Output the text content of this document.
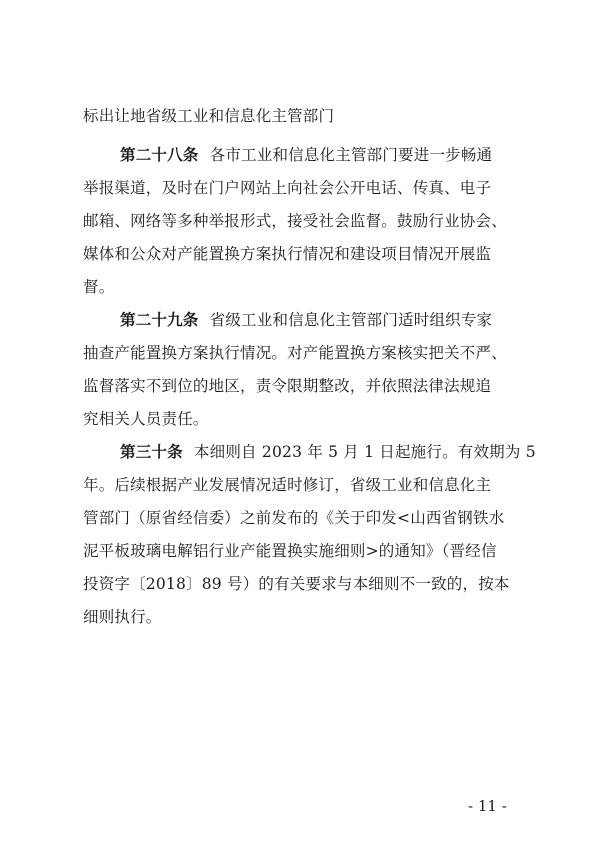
标出让地省级工业和信息化主管部门
第二十八条 各市工业和信息化主管部门要进一步畅通
举报渠道，及时在门户网站上向社会公开电话、传真、电子
邮箱、网络等多种举报形式，接受社会监督。鼓励行业协会、
媒体和公众对产能置换方案执行情况和建设项目情况开展监
督。
第二十九条 省级工业和信息化主管部门适时组织专家
抽查产能置换方案执行情况。对产能置换方案核实把关不严、
监督落实不到位的地区，责令限期整改，并依照法律法规追
究相关人员责任。
第三十条 本细则自 2023 年 5 月 1 日起施行。有效期为 5
年。后续根据产业发展情况适时修订，省级工业和信息化主
管部门（原省经信委）之前发布的《关于印发<山西省钢铁水
泥平板玻璃电解铝行业产能置换实施细则>的通知》（晋经信
投资字〔2018〕89 号）的有关要求与本细则不一致的，按本
细则执行。
- 11 -
